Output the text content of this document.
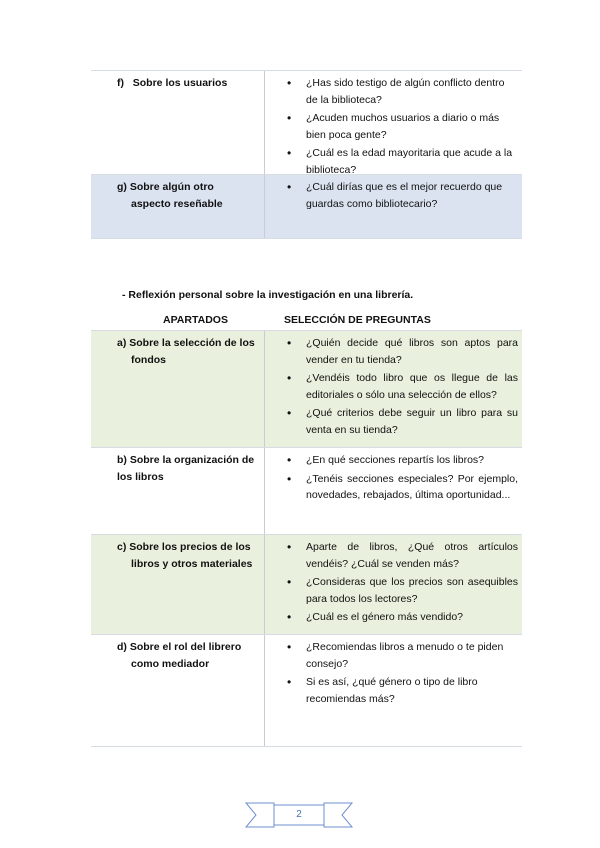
f) Sobre los usuarios
•	¿Has sido testigo de algún conflicto dentro de la biblioteca?
• ¿Acuden muchos usuarios a diario o más bien poca gente?
• ¿Cuál es la edad mayoritaria que acude a la biblioteca?
g) Sobre algún otro aspecto reseñable
• ¿Cuál dirías que es el mejor recuerdo que guardas como bibliotecario?
- Reflexión personal sobre la investigación en una librería.
APARTADOS	SELECCIÓN DE PREGUNTAS
a) Sobre la selección de los fondos
• ¿Quién decide qué libros son aptos para vender en tu tienda?
• ¿Vendéis todo libro que os llegue de las editoriales o sólo una selección de ellos?
• ¿Qué criterios debe seguir un libro para su venta en su tienda?
b) Sobre la organización de los libros
• ¿En qué secciones repartís los libros?
• ¿Tenéis secciones especiales? Por ejemplo, novedades, rebajados, última oportunidad...
c) Sobre los precios de los libros y otros materiales
• Aparte de libros, ¿Qué otros artículos vendéis? ¿Cuál se venden más?
• ¿Consideras que los precios son asequibles para todos los lectores?
• ¿Cuál es el género más vendido?
d) Sobre el rol del librero como mediador
• ¿Recomiendas libros a menudo o te piden consejo?
• Si es así, ¿qué género o tipo de libro recomiendas más?
2
